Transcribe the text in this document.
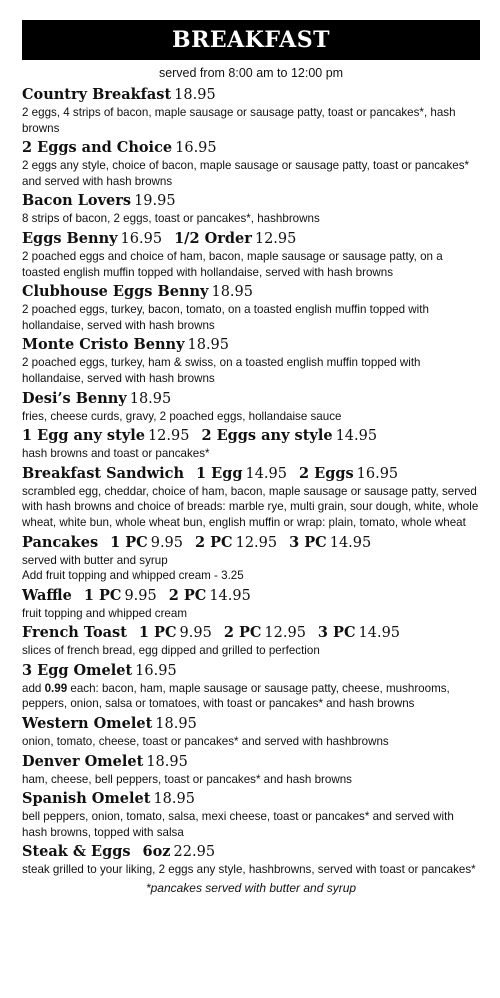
BREAKFAST
served from 8:00 am to 12:00 pm
Country Breakfast 18.95
2 eggs, 4 strips of bacon, maple sausage or sausage patty, toast or pancakes*, hash browns
2 Eggs and Choice 16.95
2 eggs any style, choice of bacon, maple sausage or sausage patty, toast or pancakes* and served with hash browns
Bacon Lovers 19.95
8 strips of bacon, 2 eggs, toast or pancakes*, hashbrowns
Eggs Benny 16.95 1/2 Order 12.95
2 poached eggs and choice of ham, bacon, maple sausage or sausage patty, on a toasted english muffin topped with hollandaise, served with hash browns
Clubhouse Eggs Benny 18.95
2 poached eggs, turkey, bacon, tomato, on a toasted english muffin topped with hollandaise, served with hash browns
Monte Cristo Benny 18.95
2 poached eggs, turkey, ham & swiss, on a toasted english muffin topped with hollandaise, served with hash browns
Desi’s Benny 18.95
fries, cheese curds, gravy, 2 poached eggs, hollandaise sauce
1 Egg any style 12.95 2 Eggs any style 14.95
hash browns and toast or pancakes*
Breakfast Sandwich 1 Egg 14.95 2 Eggs 16.95
scrambled egg, cheddar, choice of ham, bacon, maple sausage or sausage patty, served with hash browns and choice of breads: marble rye, multi grain, sour dough, white, whole wheat, white bun, whole wheat bun, english muffin or wrap: plain, tomato, whole wheat
Pancakes 1 PC 9.95 2 PC 12.95 3 PC 14.95
served with butter and syrup
Add fruit topping and whipped cream - 3.25
Waffle 1 PC 9.95 2 PC 14.95
fruit topping and whipped cream
French Toast 1 PC 9.95 2 PC 12.95 3 PC 14.95
slices of french bread, egg dipped and grilled to perfection
3 Egg Omelet 16.95
add 0.99 each: bacon, ham, maple sausage or sausage patty, cheese, mushrooms, peppers, onion, salsa or tomatoes, with toast or pancakes* and hash browns
Western Omelet 18.95
onion, tomato, cheese, toast or pancakes* and served with hashbrowns
Denver Omelet 18.95
ham, cheese, bell peppers, toast or pancakes* and hash browns
Spanish Omelet 18.95
bell peppers, onion, tomato, salsa, mexi cheese, toast or pancakes* and served with hash browns, topped with salsa
Steak & Eggs 6oz 22.95
steak grilled to your liking, 2 eggs any style, hashbrowns, served with toast or pancakes*
*pancakes served with butter and syrup
